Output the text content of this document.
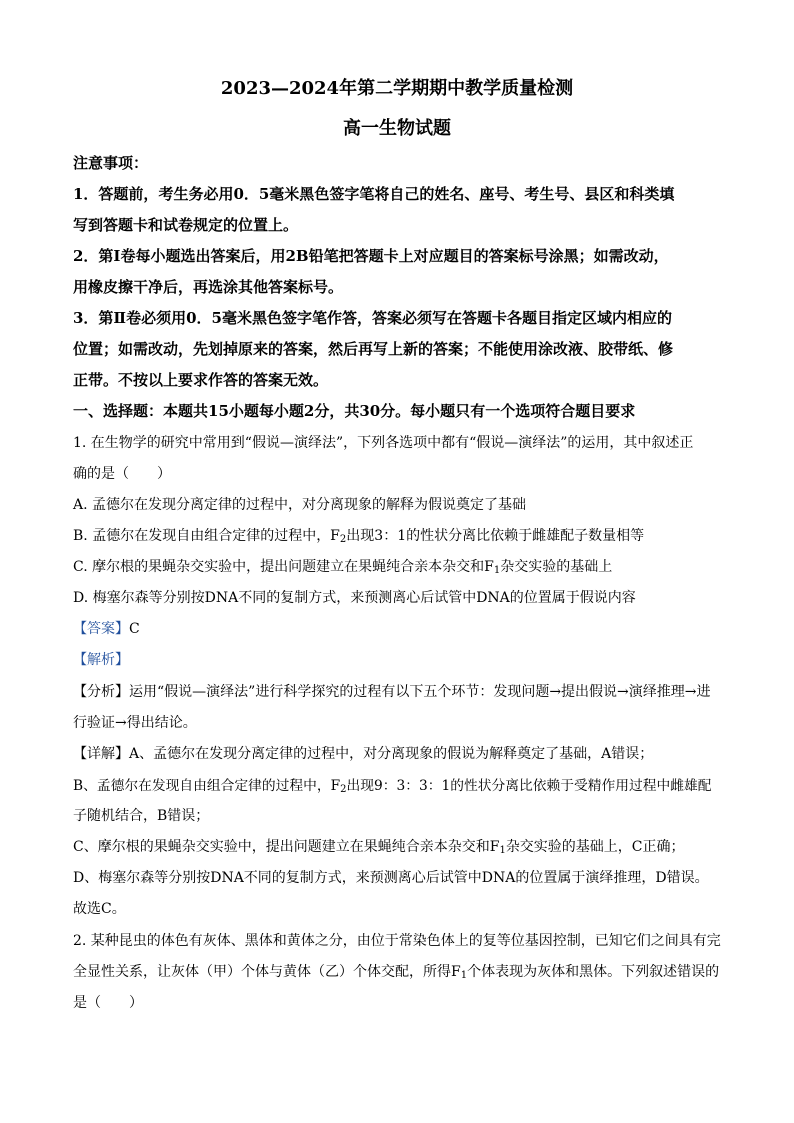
2023—2024年第二学期期中教学质量检测
高一生物试题
注意事项：
1．答题前，考生务必用0．5毫米黑色签字笔将自己的姓名、座号、考生号、县区和科类填
写到答题卡和试卷规定的位置上。
2．第Ⅰ卷每小题选出答案后，用2B铅笔把答题卡上对应题目的答案标号涂黑；如需改动，
用橡皮擦干净后，再选涂其他答案标号。
3．第Ⅱ卷必须用0．5毫米黑色签字笔作答，答案必须写在答题卡各题目指定区域内相应的
位置；如需改动，先划掉原来的答案，然后再写上新的答案；不能使用涂改液、胶带纸、修
正带。不按以上要求作答的答案无效。
一、选择题：本题共15小题每小题2分，共30分。每小题只有一个选项符合题目要求
1. 在生物学的研究中常用到“假说—演绎法”，下列各选项中都有“假说—演绎法”的运用，其中叙述正
确的是（　　）
A. 孟德尔在发现分离定律的过程中，对分离现象的解释为假说奠定了基础
B. 孟德尔在发现自由组合定律的过程中，$F_2$出现3：1的性状分离比依赖于雌雄配子数量相等
C. 摩尔根的果蝇杂交实验中，提出问题建立在果蝇纯合亲本杂交和$F_1$杂交实验的基础上
D. 梅塞尔森等分别按DNA不同的复制方式，来预测离心后试管中DNA的位置属于假说内容
【答案】C
【解析】
【分析】运用“假说—演绎法”进行科学探究的过程有以下五个环节：发现问题→提出假说→演绎推理→进
行验证→得出结论。
【详解】A、孟德尔在发现分离定律的过程中，对分离现象的假说为解释奠定了基础，A错误；
B、孟德尔在发现自由组合定律的过程中，$F_2$出现9：3：3：1的性状分离比依赖于受精作用过程中雌雄配
子随机结合，B错误；
C、摩尔根的果蝇杂交实验中，提出问题建立在果蝇纯合亲本杂交和$F_1$杂交实验的基础上，C正确；
D、梅塞尔森等分别按DNA不同的复制方式，来预测离心后试管中DNA的位置属于演绎推理，D错误。
故选C。
2. 某种昆虫的体色有灰体、黑体和黄体之分，由位于常染色体上的复等位基因控制，已知它们之间具有完
全显性关系，让灰体（甲）个体与黄体（乙）个体交配，所得$F_1$个体表现为灰体和黑体。下列叙述错误的
是（　　）
